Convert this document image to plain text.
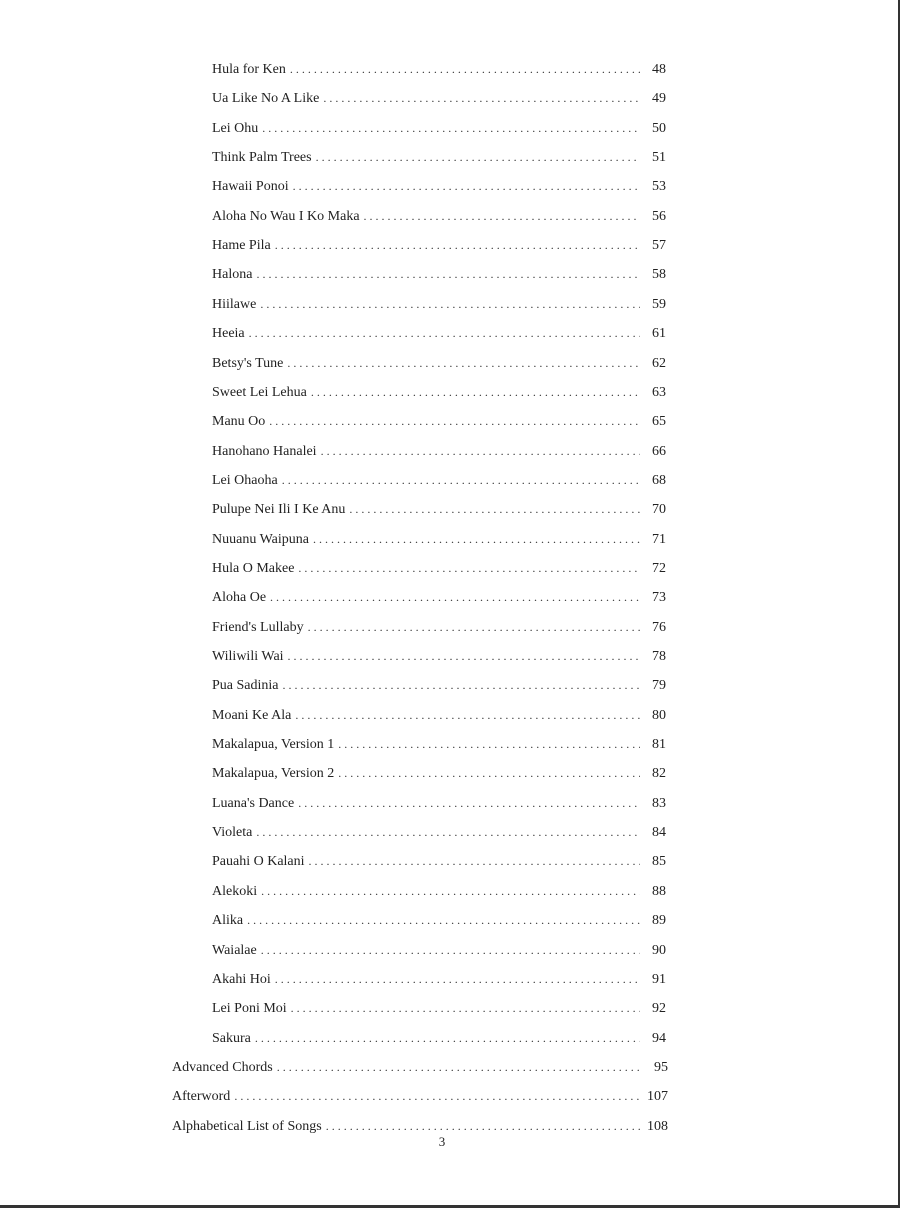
Hula for Ken . . .	48
Ua Like No A Like . . .	49
Lei Ohu . . .	50
Think Palm Trees . . .	51
Hawaii Ponoi . . .	53
Aloha No Wau I Ko Maka . . .	56
Hame Pila . . .	57
Halona . . .	58
Hiilawe . . .	59
Heeia . . .	61
Betsy's Tune . . .	62
Sweet Lei Lehua . . .	63
Manu Oo . . .	65
Hanohano Hanalei . . .	66
Lei Ohaoha . . .	68
Pulupe Nei Ili I Ke Anu . . .	70
Nuuanu Waipuna . . .	71
Hula O Makee . . .	72
Aloha Oe . . .	73
Friend's Lullaby . . .	76
Wiliwili Wai . . .	78
Pua Sadinia . . .	79
Moani Ke Ala . . .	80
Makalapua, Version 1 . . .	81
Makalapua, Version 2 . . .	82
Luana's Dance . . .	83
Violeta . . .	84
Pauahi O Kalani . . .	85
Alekoki . . .	88
Alika . . .	89
Waialae . . .	90
Akahi Hoi . . .	91
Lei Poni Moi . . .	92
Sakura . . .	94
Advanced Chords . . .	95
Afterword . . .	107
Alphabetical List of Songs . . .	108
3
